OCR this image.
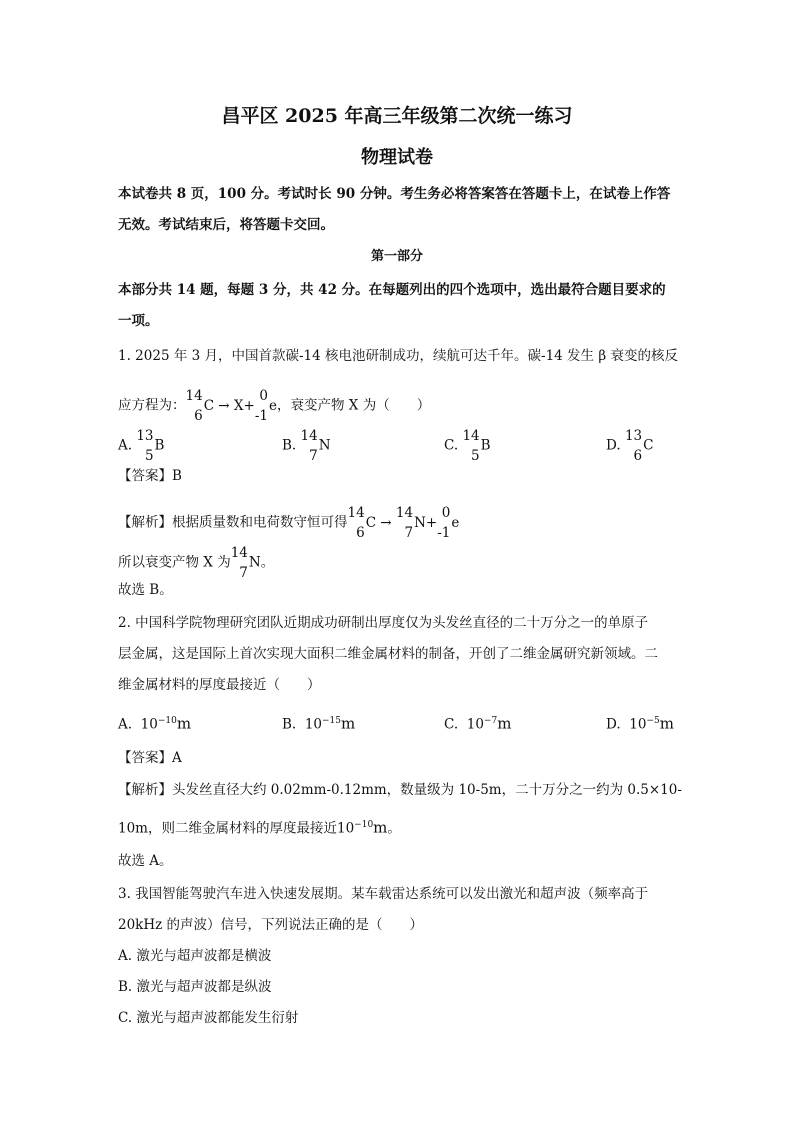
昌平区 2025 年高三年级第二次统一练习
物理试卷
本试卷共 8 页，100 分。考试时长 90 分钟。考生务必将答案答在答题卡上，在试卷上作答
无效。考试结束后，将答题卡交回。
第一部分
本部分共 14 题，每题 3 分，共 42 分。在每题列出的四个选项中，选出最符合题目要求的
一项。
1. 2025 年 3 月，中国首款碳-14 核电池研制成功，续航可达千年。碳-14 发生 β 衰变的核反
应方程为：
14
6
C → X+
0
-1
e，衰变产物 X 为（　　）
A.
13
5
B	B.
14
7
N	C.
14
5
B	D.
13
6
C
【答案】B
【解析】根据质量数和电荷数守恒可得
14
6
C →
14
7
N+
0
-1
e
所以衰变产物 X 为
14
7
N。
故选 B。
2. 中国科学院物理研究团队近期成功研制出厚度仅为头发丝直径的二十万分之一的单原子
层金属，这是国际上首次实现大面积二维金属材料的制备，开创了二维金属研究新领域。二
维金属材料的厚度最接近（　　）
A. $10^{-10}m$	B. $10^{-15}m$	C. $10^{-7}m$	D. $10^{-5}m$
【答案】A
【解析】头发丝直径大约 0.02mm-0.12mm，数量级为 10-5m，二十万分之一约为 0.5×10-
10m，则二维金属材料的厚度最接近$10^{-10}m$。
故选 A。
3. 我国智能驾驶汽车进入快速发展期。某车载雷达系统可以发出激光和超声波（频率高于
20kHz 的声波）信号，下列说法正确的是（　　）
A. 激光与超声波都是横波
B. 激光与超声波都是纵波
C. 激光与超声波都能发生衍射
